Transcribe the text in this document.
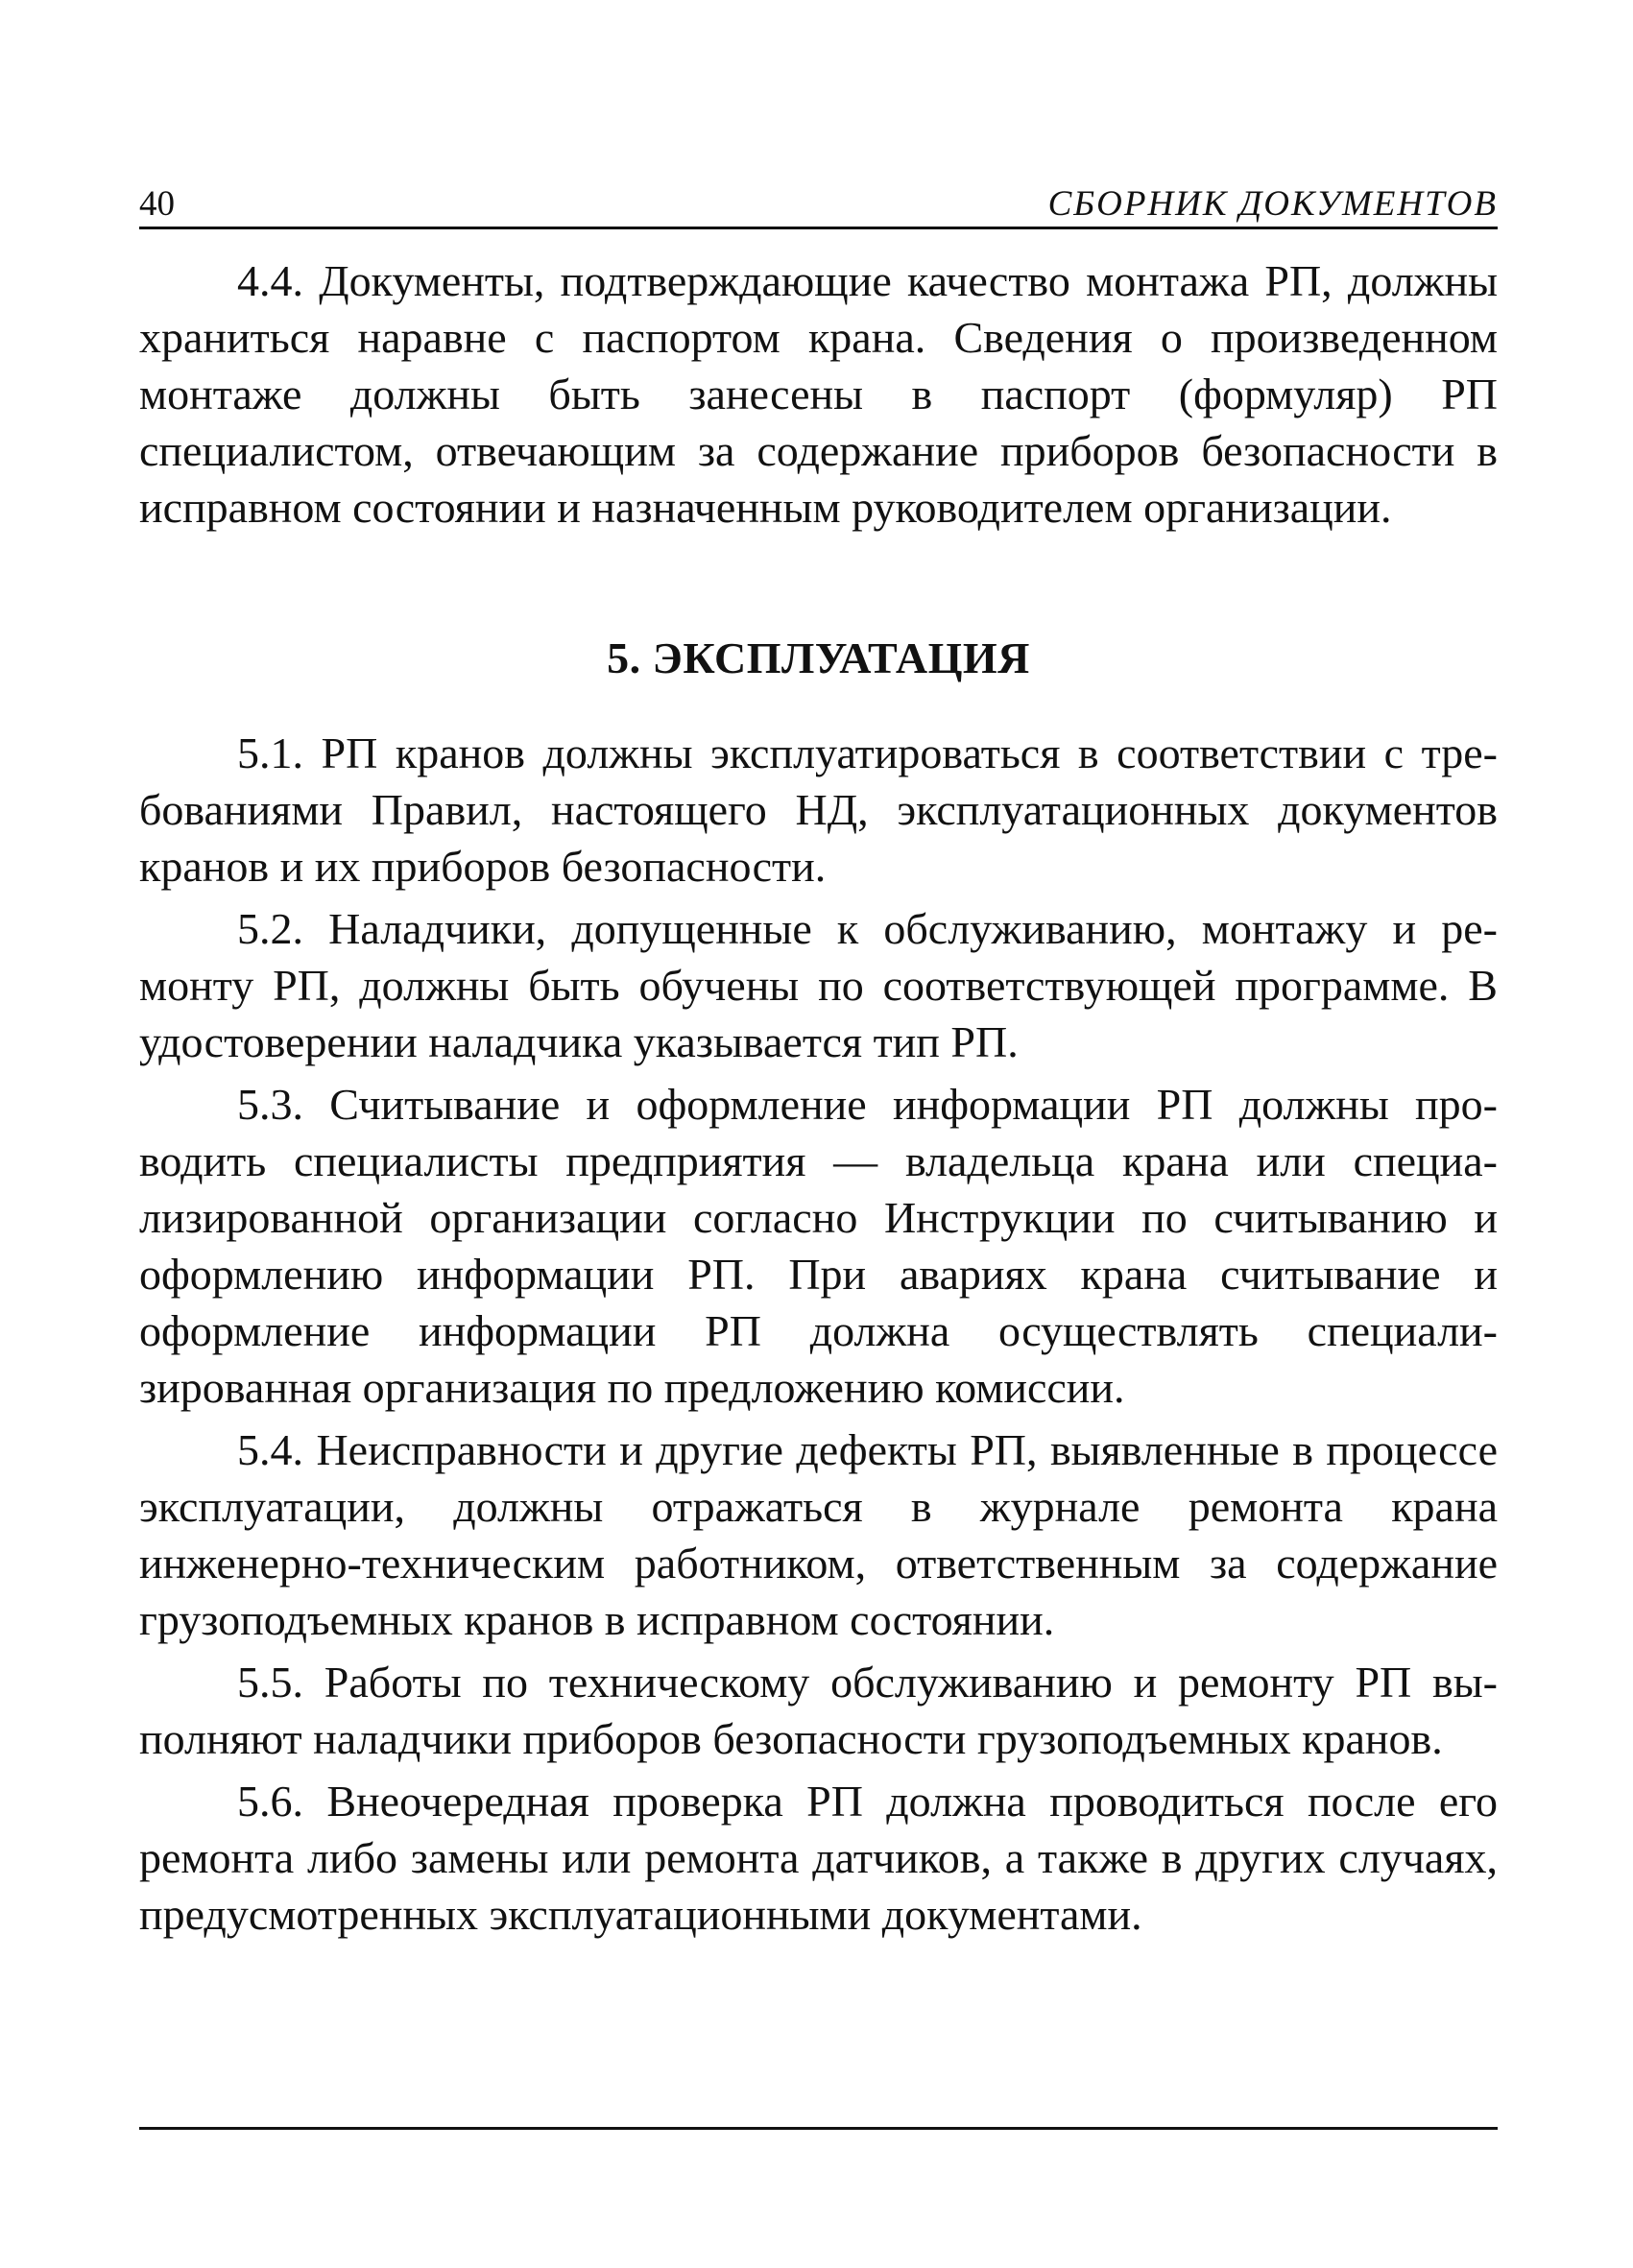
40	СБОРНИК ДОКУМЕНТОВ

4.4. Документы, подтверждающие качество монтажа РП, должны храниться наравне с паспортом крана. Сведения о произведенном монтаже должны быть занесены в паспорт (формуляр) РП специалистом, отвечающим за содержание приборов безопасности в исправном состоянии и назначенным руководителем организации.

5. ЭКСПЛУАТАЦИЯ

5.1. РП кранов должны эксплуатироваться в соответствии с требованиями Правил, настоящего НД, эксплуатационных документов кранов и их приборов безопасности.

5.2. Наладчики, допущенные к обслуживанию, монтажу и ремонту РП, должны быть обучены по соответствующей программе. В удостоверении наладчика указывается тип РП.

5.3. Считывание и оформление информации РП должны проводить специалисты предприятия — владельца крана или специализированной организации согласно Инструкции по считыванию и оформлению информации РП. При авариях крана считывание и оформление информации РП должна осуществлять специализированная организация по предложению комиссии.

5.4. Неисправности и другие дефекты РП, выявленные в процессе эксплуатации, должны отражаться в журнале ремонта крана инженерно-техническим работником, ответственным за содержание грузоподъемных кранов в исправном состоянии.

5.5. Работы по техническому обслуживанию и ремонту РП выполняют наладчики приборов безопасности грузоподъемных кранов.

5.6. Внеочередная проверка РП должна проводиться после его ремонта либо замены или ремонта датчиков, а также в других случаях, предусмотренных эксплуатационными документами.
